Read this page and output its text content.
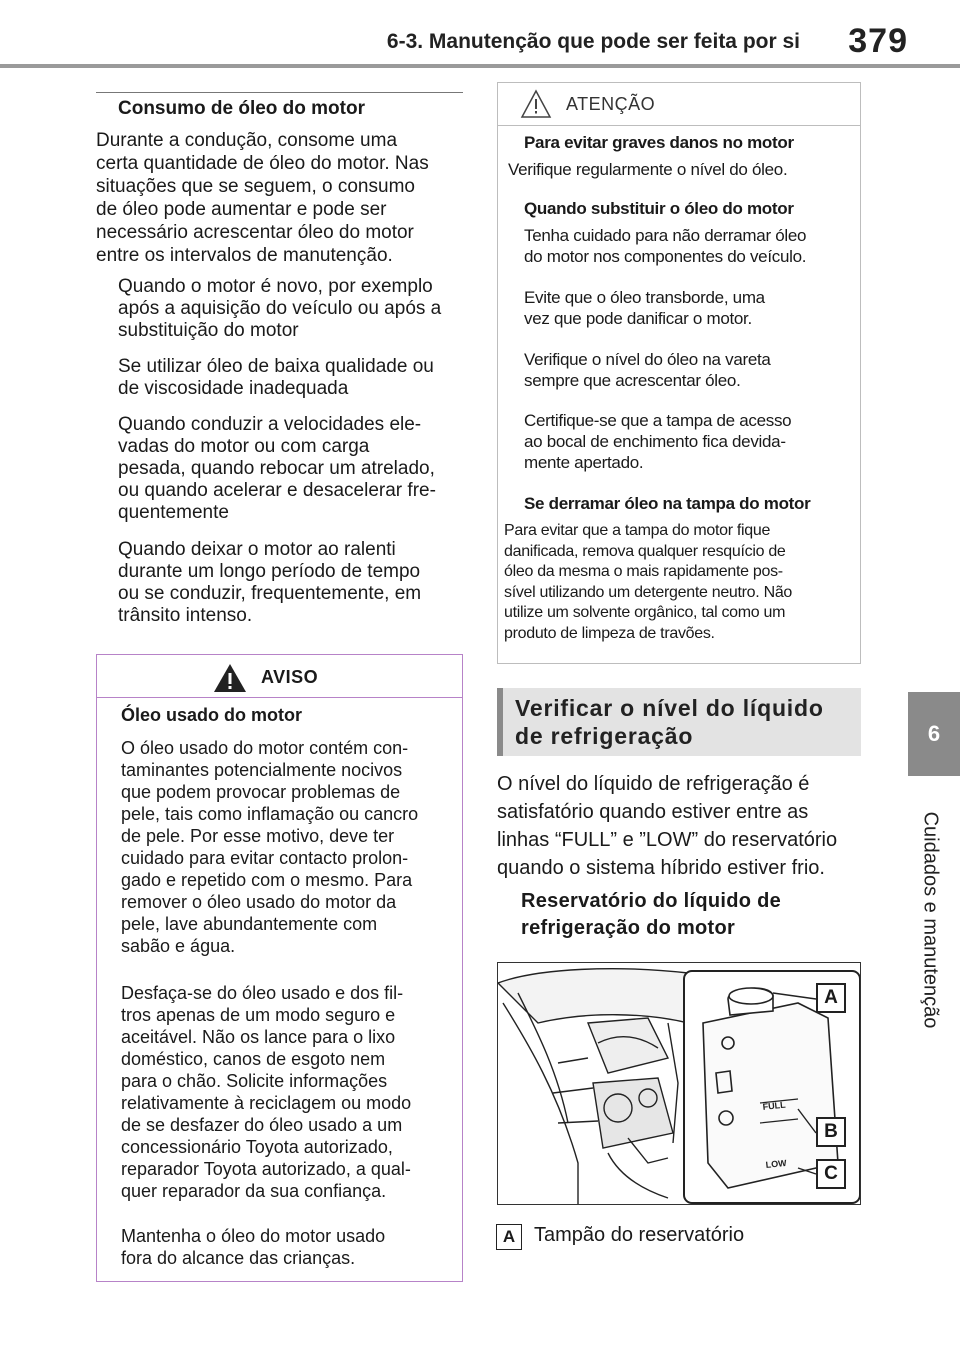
6-3. Manutenção que pode ser feita por si	379
6
Cuidados e manutenção
Consumo de óleo do motor
Durante a condução, consome uma
certa quantidade de óleo do motor. Nas
situações que se seguem, o consumo
de óleo pode aumentar e pode ser
necessário acrescentar óleo do motor
entre os intervalos de manutenção.
Quando o motor é novo, por exemplo
após a aquisição do veículo ou após a
substituição do motor
Se utilizar óleo de baixa qualidade ou
de viscosidade inadequada
Quando conduzir a velocidades ele-
vadas do motor ou com carga
pesada, quando rebocar um atrelado,
ou quando acelerar e desacelerar fre-
quentemente
Quando deixar o motor ao ralenti
durante um longo período de tempo
ou se conduzir, frequentemente, em
trânsito intenso.
AVISO
Óleo usado do motor
O óleo usado do motor contém con-
taminantes potencialmente nocivos
que podem provocar problemas de
pele, tais como inflamação ou cancro
de pele. Por esse motivo, deve ter
cuidado para evitar contacto prolon-
gado e repetido com o mesmo. Para
remover o óleo usado do motor da
pele, lave abundantemente com
sabão e água.
Desfaça-se do óleo usado e dos fil-
tros apenas de um modo seguro e
aceitável. Não os lance para o lixo
doméstico, canos de esgoto nem
para o chão. Solicite informações
relativamente à reciclagem ou modo
de se desfazer do óleo usado a um
concessionário Toyota autorizado,
reparador Toyota autorizado, a qual-
quer reparador da sua confiança.
Mantenha o óleo do motor usado
fora do alcance das crianças.
ATENÇÃO
Para evitar graves danos no motor
Verifique regularmente o nível do óleo.
Quando substituir o óleo do motor
Tenha cuidado para não derramar óleo
do motor nos componentes do veículo.
Evite que o óleo transborde, uma
vez que pode danificar o motor.
Verifique o nível do óleo na vareta
sempre que acrescentar óleo.
Certifique-se que a tampa de acesso
ao bocal de enchimento fica devida-
mente apertado.
Se derramar óleo na tampa do motor
Para evitar que a tampa do motor fique
danificada, remova qualquer resquício de
óleo da mesma o mais rapidamente pos-
sível utilizando um detergente neutro. Não
utilize um solvente orgânico, tal como um
produto de limpeza de travões.
Verificar o nível do líquido
de refrigeração
O nível do líquido de refrigeração é
satisfatório quando estiver entre as
linhas “FULL” e ”LOW” do reservatório
quando o sistema híbrido estiver frio.
Reservatório do líquido de
refrigeração do motor
FULL
LOW
A
B
C
A Tampão do reservatório
